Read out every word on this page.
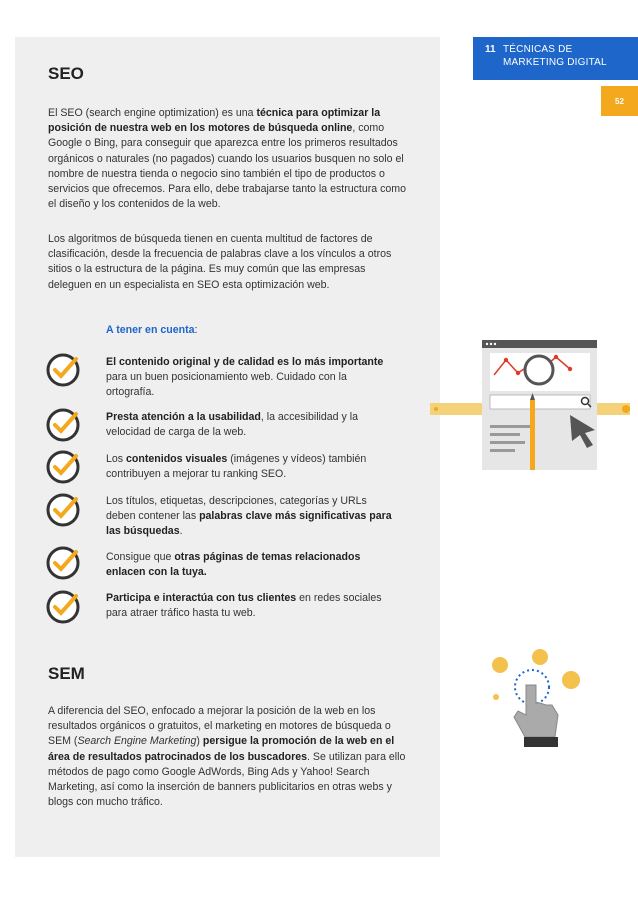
11 TÉCNICAS DE
MARKETING DIGITAL
52
SEO

El SEO (search engine optimization) es una técnica para optimizar la posición de nuestra web en los motores de búsqueda online, como Google o Bing, para conseguir que aparezca entre los primeros resultados orgánicos o naturales (no pagados) cuando los usuarios busquen no solo el nombre de nuestra tienda o negocio sino también el tipo de productos o servicios que ofrecemos. Para ello, debe trabajarse tanto la estructura como el diseño y los contenidos de la web.

Los algoritmos de búsqueda tienen en cuenta multitud de factores de clasificación, desde la frecuencia de palabras clave a los vínculos a otros sitios o la estructura de la página. Es muy común que las empresas deleguen en un especialista en SEO esta optimización web.

A tener en cuenta:
El contenido original y de calidad es lo más importante para un buen posicionamiento web. Cuidado con la ortografía.
Presta atención a la usabilidad, la accesibilidad y la velocidad de carga de la web.
Los contenidos visuales (imágenes y vídeos) también contribuyen a mejorar tu ranking SEO.
Los títulos, etiquetas, descripciones, categorías y URLs deben contener las palabras clave más significativas para las búsquedas.
Consigue que otras páginas de temas relacionados enlacen con la tuya.
Participa e interactúa con tus clientes en redes sociales para atraer tráfico hasta tu web.
SEM

A diferencia del SEO, enfocado a mejorar la posición de la web en los resultados orgánicos o gratuitos, el marketing en motores de búsqueda o SEM (Search Engine Marketing) persigue la promoción de la web en el área de resultados patrocinados de los buscadores. Se utilizan para ello métodos de pago como Google AdWords, Bing Ads y Yahoo! Search Marketing, así como la inserción de banners publicitarios en otras webs y blogs con mucho tráfico.
